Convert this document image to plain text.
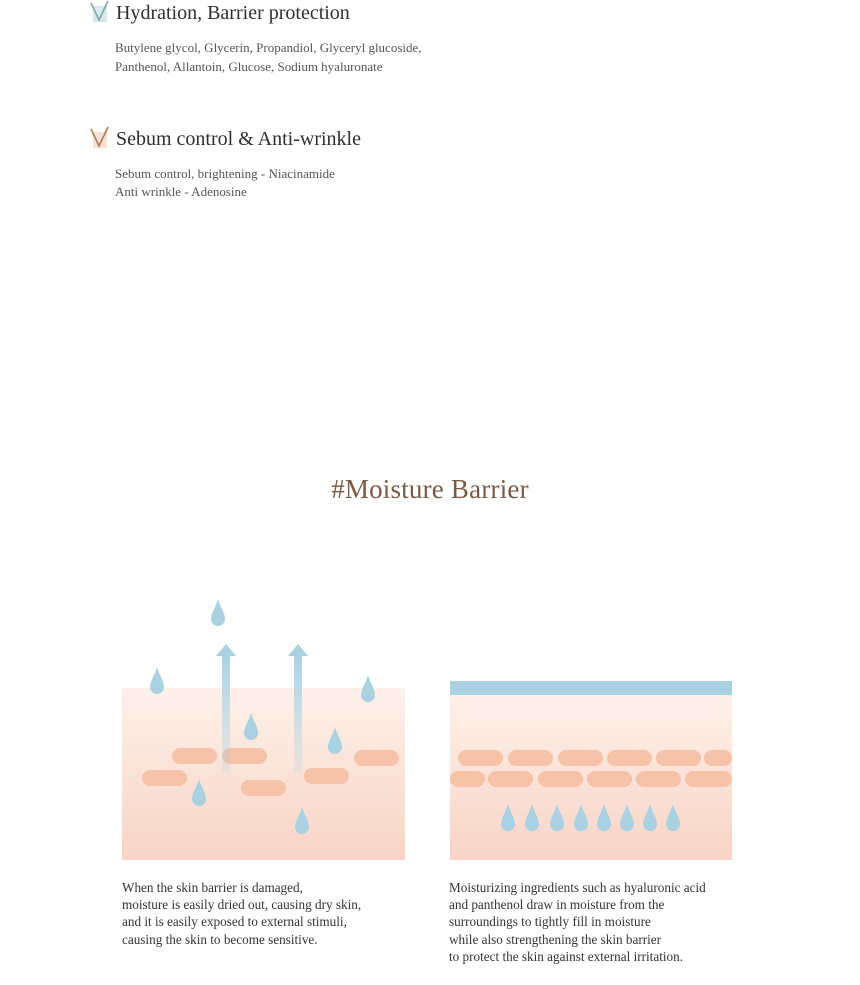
Hydration, Barrier protection
Butylene glycol, Glycerin, Propandiol, Glyceryl glucoside,
Panthenol, Allantoin, Glucose, Sodium hyaluronate
Sebum control & Anti-wrinkle
Sebum control, brightening - Niacinamide
Anti wrinkle - Adenosine
#Moisture Barrier
When the skin barrier is damaged,
moisture is easily dried out, causing dry skin,
and it is easily exposed to external stimuli,
causing the skin to become sensitive.
Moisturizing ingredients such as hyaluronic acid
and panthenol draw in moisture from the
surroundings to tightly fill in moisture
while also strengthening the skin barrier
to protect the skin against external irritation.
